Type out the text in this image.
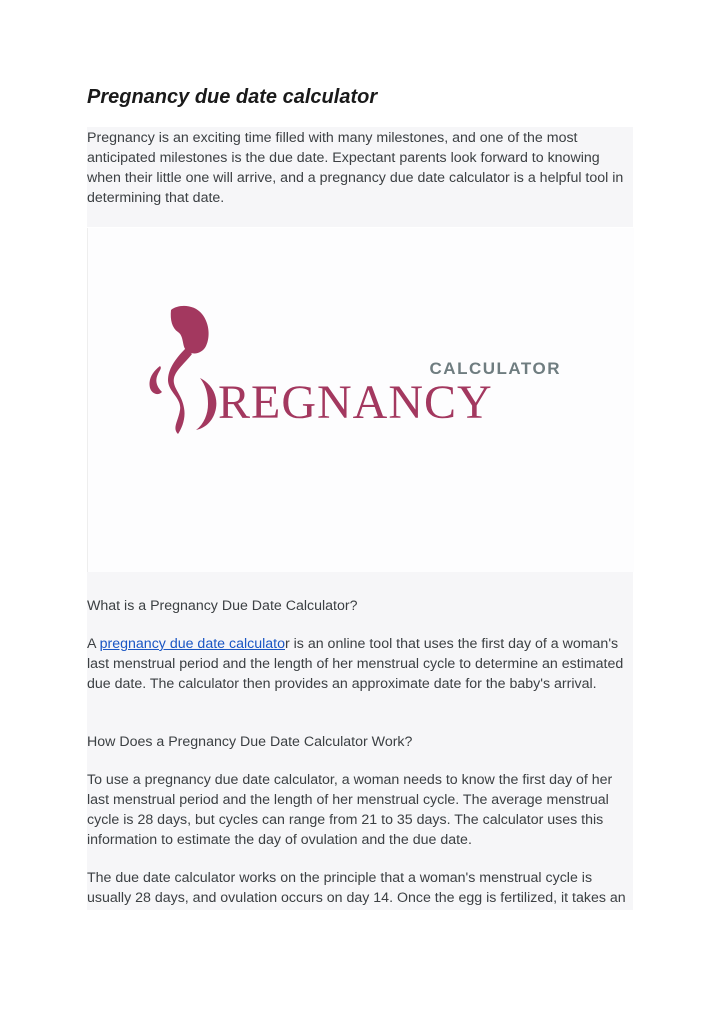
Pregnancy due date calculator

Pregnancy is an exciting time filled with many milestones, and one of the most anticipated milestones is the due date. Expectant parents look forward to knowing when their little one will arrive, and a pregnancy due date calculator is a helpful tool in determining that date.

CALCULATOR
REGNANCY

What is a Pregnancy Due Date Calculator?

A pregnancy due date calculator is an online tool that uses the first day of a woman's last menstrual period and the length of her menstrual cycle to determine an estimated due date. The calculator then provides an approximate date for the baby's arrival.

How Does a Pregnancy Due Date Calculator Work?

To use a pregnancy due date calculator, a woman needs to know the first day of her last menstrual period and the length of her menstrual cycle. The average menstrual cycle is 28 days, but cycles can range from 21 to 35 days. The calculator uses this information to estimate the day of ovulation and the due date.

The due date calculator works on the principle that a woman's menstrual cycle is usually 28 days, and ovulation occurs on day 14. Once the egg is fertilized, it takes an
